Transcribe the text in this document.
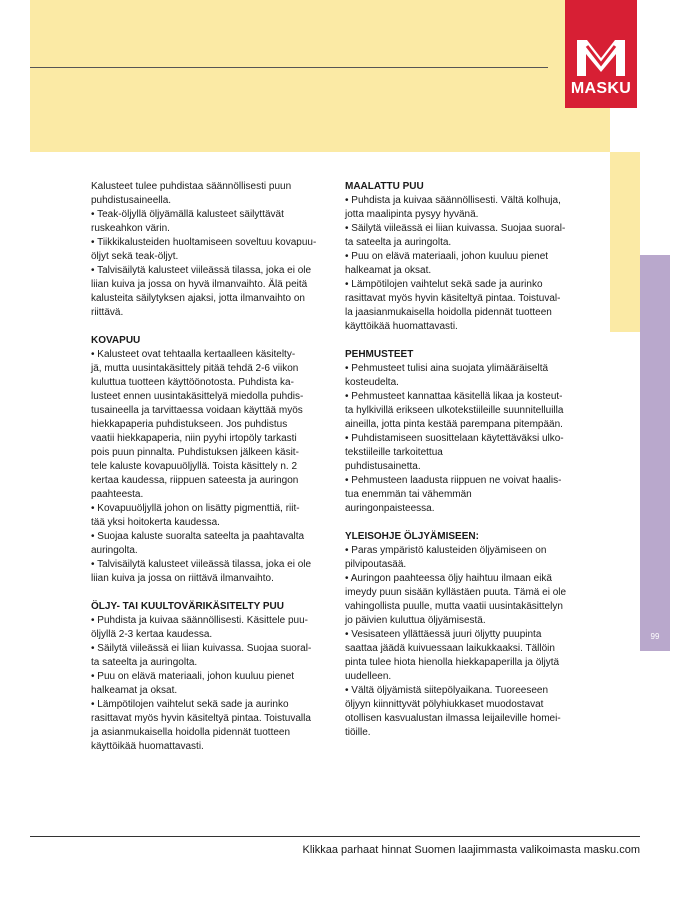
MASKU
99

Kalusteet tulee puhdistaa säännöllisesti puun

puhdistusaineella.

• Teak-öljyllä öljyämällä kalusteet säilyttävät

ruskeahkon värin.

• Tiikkikalusteiden huoltamiseen soveltuu kovapuu-

öljyt sekä teak-öljyt.

• Talvisäilytä kalusteet viileässä tilassa, joka ei ole

liian kuiva ja jossa on hyvä ilmanvaihto. Älä peitä

kalusteita säilytyksen ajaksi, jotta ilmanvaihto on

riittävä.

KOVAPUU

• Kalusteet ovat tehtaalla kertaalleen käsitelty-

jä, mutta uusintakäsittely pitää tehdä 2-6 viikon

kuluttua tuotteen käyttöönotosta. Puhdista ka-

lusteet ennen uusintakäsittelyä miedolla puhdis-

tusaineella ja tarvittaessa voidaan käyttää myös

hiekkapaperia puhdistukseen. Jos puhdistus

vaatii hiekkapaperia, niin pyyhi irtopöly tarkasti

pois puun pinnalta. Puhdistuksen jälkeen käsit-

tele kaluste kovapuuöljyllä. Toista käsittely n. 2

kertaa kaudessa, riippuen sateesta ja auringon

paahteesta.

• Kovapuuöljyllä johon on lisätty pigmenttiä, riit-

tää yksi hoitokerta kaudessa.

• Suojaa kaluste suoralta sateelta ja paahtavalta

auringolta.

• Talvisäilytä kalusteet viileässä tilassa, joka ei ole

liian kuiva ja jossa on riittävä ilmanvaihto.

ÖLJY- TAI KUULTOVÄRIKÄSITELTY PUU

• Puhdista ja kuivaa säännöllisesti. Käsittele puu-

öljyllä 2-3 kertaa kaudessa.

• Säilytä viileässä ei liian kuivassa. Suojaa suoral-

ta sateelta ja auringolta.

• Puu on elävä materiaali, johon kuuluu pienet

halkeamat ja oksat.

• Lämpötilojen vaihtelut sekä sade ja aurinko

rasittavat myös hyvin käsiteltyä pintaa. Toistuvalla

ja asianmukaisella hoidolla pidennät tuotteen

käyttöikää huomattavasti.

MAALATTU PUU

• Puhdista ja kuivaa säännöllisesti. Vältä kolhuja,

jotta maalipinta pysyy hyvänä.

• Säilytä viileässä ei liian kuivassa. Suojaa suoral-

ta sateelta ja auringolta.

• Puu on elävä materiaali, johon kuuluu pienet

halkeamat ja oksat.

• Lämpötilojen vaihtelut sekä sade ja aurinko

rasittavat myös hyvin käsiteltyä pintaa. Toistuval-

la jaasianmukaisella hoidolla pidennät tuotteen

käyttöikää huomattavasti.

PEHMUSTEET

• Pehmusteet tulisi aina suojata ylimääräiseltä

kosteudelta.

• Pehmusteet kannattaa käsitellä likaa ja kosteut-

ta hylkivillä erikseen ulkotekstiileille suunnitelluilla

aineilla, jotta pinta kestää parempana pitempään.

• Puhdistamiseen suosittelaan käytettäväksi ulko-

tekstiileille tarkoitettua

puhdistusainetta.

• Pehmusteen laadusta riippuen ne voivat haalis-

tua enemmän tai vähemmän

auringonpaisteessa.

YLEISOHJE ÖLJYÄMISEEN:

• Paras ympäristö kalusteiden öljyämiseen on

pilvipoutasää.

• Auringon paahteessa öljy haihtuu ilmaan eikä

imeydy puun sisään kyllästäen puuta. Tämä ei ole

vahingollista puulle, mutta vaatii uusintakäsittelyn

jo päivien kuluttua öljyämisestä.

• Vesisateen yllättäessä juuri öljytty puupinta

saattaa jäädä kuivuessaan laikukkaaksi. Tällöin

pinta tulee hiota hienolla hiekkapaperilla ja öljytä

uudelleen.

• Vältä öljyämistä siitepölyaikana. Tuoreeseen

öljyyn kiinnittyvät pölyhiukkaset muodostavat

otollisen kasvualustan ilmassa leijaileville homei-

tiöille.

Klikkaa parhaat hinnat Suomen laajimmasta valikoimasta masku.com
